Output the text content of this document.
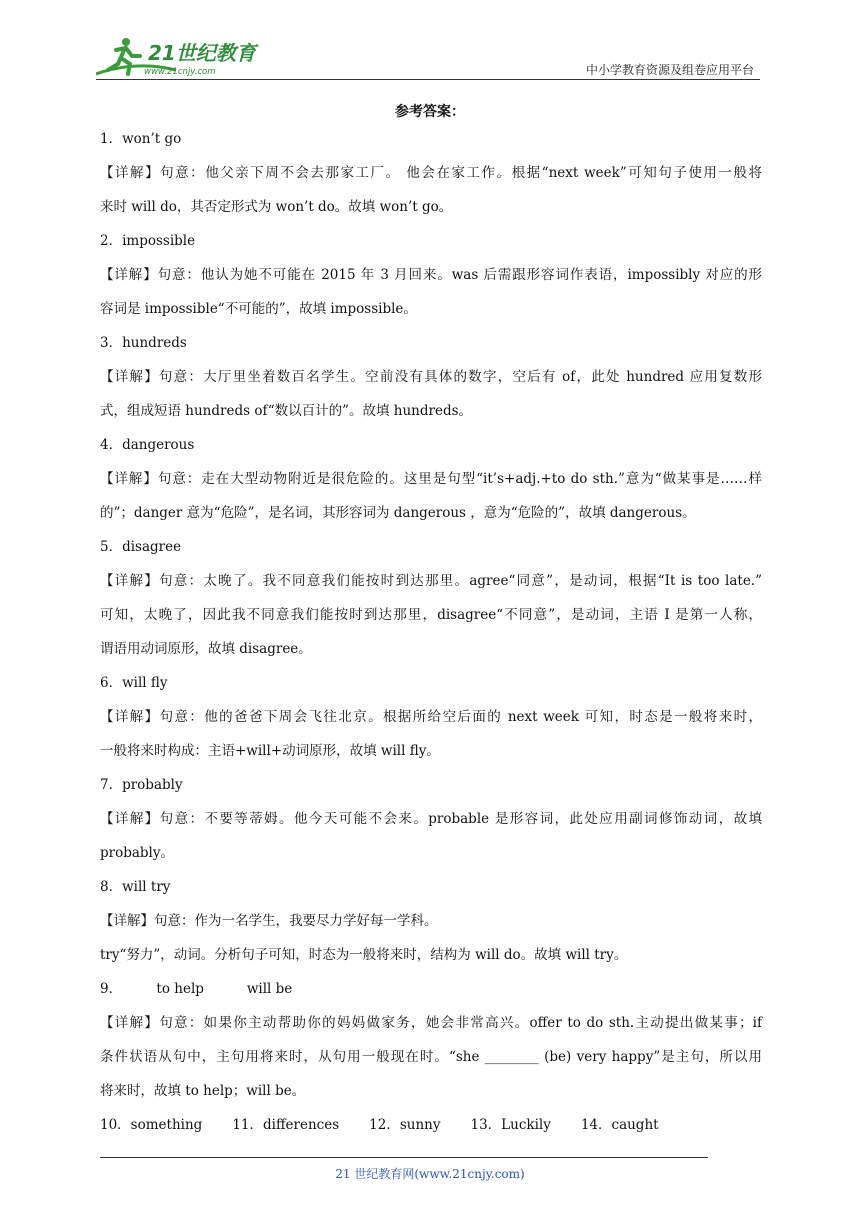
21世纪教育
www.21cnjy.com	中小学教育资源及组卷应用平台
参考答案：
1．won’t go
【详解】句意：他父亲下周不会去那家工厂。 他会在家工作。根据“next week”可知句子使用一般将
来时 will do，其否定形式为 won’t do。故填 won’t go。
2．impossible
【详解】句意：他认为她不可能在 2015 年 3 月回来。was 后需跟形容词作表语，impossibly 对应的形
容词是 impossible“不可能的”，故填 impossible。
3．hundreds
【详解】句意：大厅里坐着数百名学生。空前没有具体的数字，空后有 of，此处 hundred 应用复数形
式，组成短语 hundreds of“数以百计的”。故填 hundreds。
4．dangerous
【详解】句意：走在大型动物附近是很危险的。这里是句型“it’s+adj.+to do sth.”意为“做某事是……样
的”；danger 意为“危险”，是名词，其形容词为 dangerous ，意为“危险的”，故填 dangerous。
5．disagree
【详解】句意：太晚了。我不同意我们能按时到达那里。agree“同意”，是动词，根据“It is too late.”
可知，太晚了，因此我不同意我们能按时到达那里，disagree“不同意”，是动词，主语 I 是第一人称，
谓语用动词原形，故填 disagree。
6．will fly
【详解】句意：他的爸爸下周会飞往北京。根据所给空后面的 next week 可知，时态是一般将来时，
一般将来时构成：主语+will+动词原形，故填 will fly。
7．probably
【详解】句意：不要等蒂姆。他今天可能不会来。probable 是形容词，此处应用副词修饰动词，故填
probably。
8．will try
【详解】句意：作为一名学生，我要尽力学好每一学科。
try“努力”，动词。分析句子可知，时态为一般将来时，结构为 will do。故填 will try。
9．        to help          will be
【详解】句意：如果你主动帮助你的妈妈做家务，她会非常高兴。offer to do sth.主动提出做某事；if
条件状语从句中，主句用将来时，从句用一般现在时。“she ________ (be) very happy”是主句，所以用
将来时，故填 to help；will be。
10．something 11．differences 12．sunny 13．Luckily 14．caught
21 世纪教育网(www.21cnjy.com)
